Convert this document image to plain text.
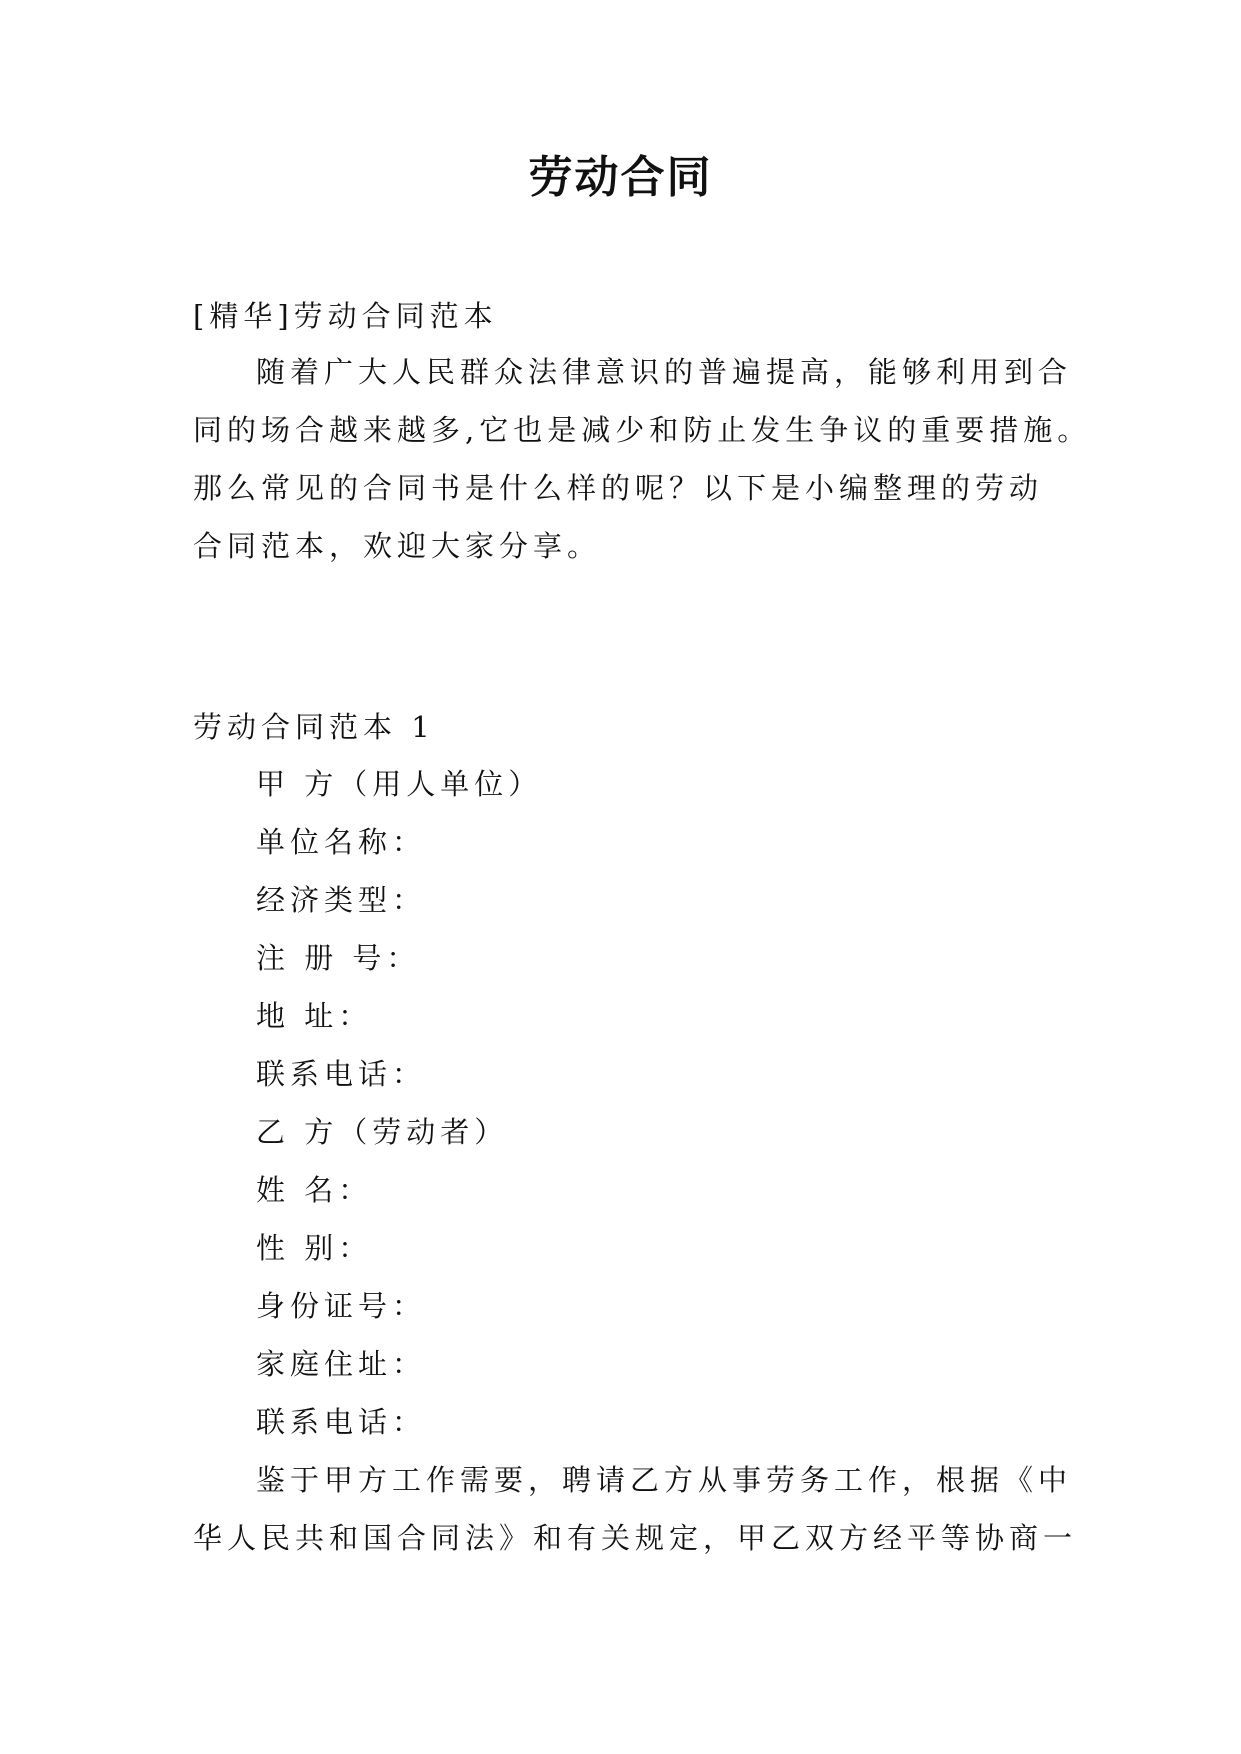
劳动合同
[精华]劳动合同范本
随着广大人民群众法律意识的普遍提高，能够利用到合
同的场合越来越多,它也是减少和防止发生争议的重要措施。
那么常见的合同书是什么样的呢？以下是小编整理的劳动
合同范本，欢迎大家分享。
劳动合同范本 1
甲 方（用人单位）
单位名称：
经济类型：
注 册 号：
地 址：
联系电话：
乙 方（劳动者）
姓 名：
性 别：
身份证号：
家庭住址：
联系电话：
鉴于甲方工作需要，聘请乙方从事劳务工作，根据《中
华人民共和国合同法》和有关规定，甲乙双方经平等协商一
